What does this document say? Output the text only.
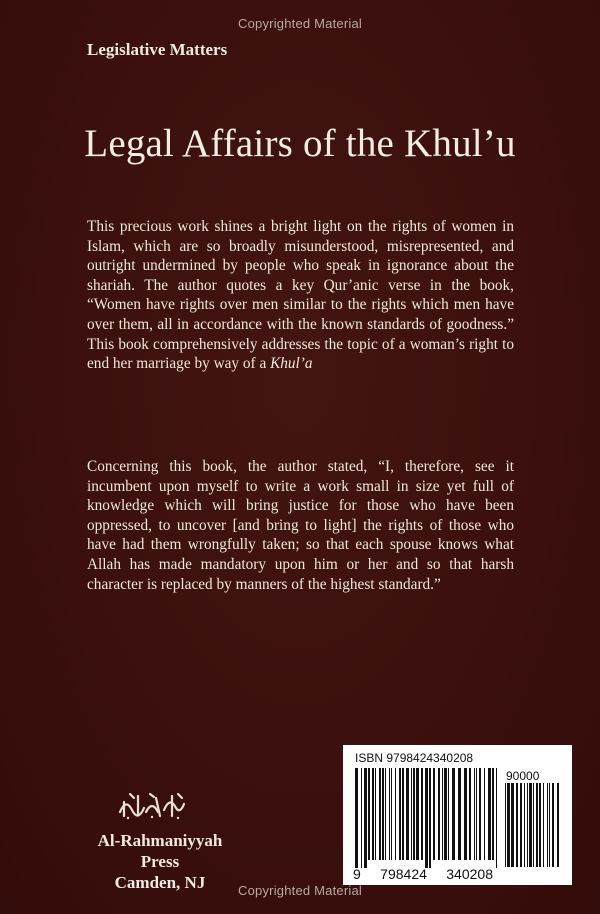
Copyrighted Material
Legislative Matters
Legal Affairs of the Khul’u
This precious work shines a bright light on the rights of women in Islam, which are so broadly misunderstood, misrepresented, and outright undermined by people who speak in ignorance about the shariah. The author quotes a key Qur’anic verse in the book, “Women have rights over men similar to the rights which men have over them, all in accordance with the known standards of goodness.” This book comprehensively addresses the topic of a woman’s right to end her marriage by way of a Khul’a
Concerning this book, the author stated, “I, therefore, see it incumbent upon myself to write a work small in size yet full of knowledge which will bring justice for those who have been oppressed, to uncover [and bring to light] the rights of those who have had them wrongfully taken; so that each spouse knows what Allah has made mandatory upon him or her and so that harsh character is replaced by manners of the highest standard.”
Al-Rahmaniyyah Press
Camden, NJ
ISBN 9798424340208
90000
9 798424 340208
Copyrighted Material
